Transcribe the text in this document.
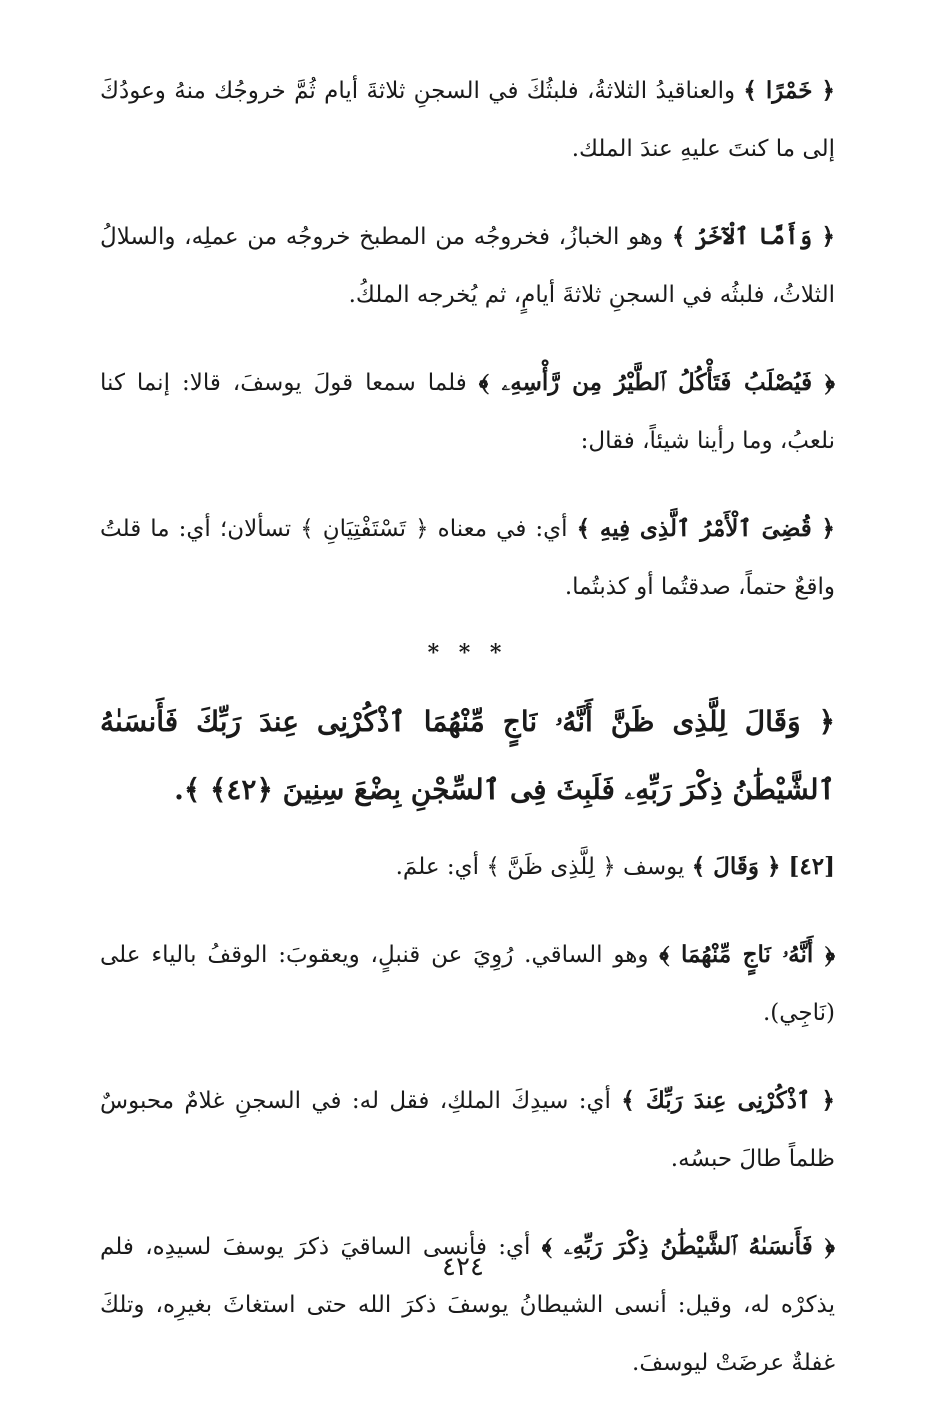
﴿ خَمْرًا ﴾ والعناقيدُ الثلاثةُ، فلبثُكَ في السجنِ ثلاثةَ أيام ثُمَّ خروجُك منهُ وعودُكَ إلى ما كنتَ عليهِ عندَ الملك.

﴿ وَأَمَّا ٱلْآخَرُ ﴾ وهو الخبازُ، فخروجُه من المطبخ خروجُه من عملِه، والسلالُ الثلاثُ، فلبثُه في السجنِ ثلاثةَ أيامٍ، ثم يُخرجه الملكُ.

﴿ فَيُصْلَبُ فَتَأْكُلُ ٱلطَّيْرُ مِن رَّأْسِهِۦ ﴾ فلما سمعا قولَ يوسفَ، قالا: إنما كنا نلعبُ، وما رأينا شيئاً، فقال:

﴿ قُضِىَ ٱلْأَمْرُ ٱلَّذِى فِيهِ ﴾ أي: في معناه ﴿ تَسْتَفْتِيَانِ ﴾ تسألان؛ أي: ما قلتُ واقعٌ حتماً، صدقتُما أو كذبتُما.

* * *

﴿ وَقَالَ لِلَّذِى ظَنَّ أَنَّهُۥ نَاجٍ مِّنْهُمَا ٱذْكُرْنِى عِندَ رَبِّكَ فَأَنسَىٰهُ ٱلشَّيْطَٰنُ ذِكْرَ رَبِّهِۦ فَلَبِثَ فِى ٱلسِّجْنِ بِضْعَ سِنِينَ ﴿٤٢﴾ ﴾.

[٤٢] ﴿ وَقَالَ ﴾ يوسف ﴿ لِلَّذِى ظَنَّ ﴾ أي: علمَ.

﴿ أَنَّهُۥ نَاجٍ مِّنْهُمَا ﴾ وهو الساقي. رُوِيَ عن قنبلٍ، ويعقوبَ: الوقفُ بالياء على (نَاجِي).

﴿ ٱذْكُرْنِى عِندَ رَبِّكَ ﴾ أي: سيدِكَ الملكِ، فقل له: في السجنِ غلامٌ محبوسٌ ظلماً طالَ حبسُه.

﴿ فَأَنسَىٰهُ ٱلشَّيْطَٰنُ ذِكْرَ رَبِّهِۦ ﴾ أي: فأنسى الساقيَ ذكرَ يوسفَ لسيدِه، فلم يذكرْه له، وقيل: أنسى الشيطانُ يوسفَ ذكرَ الله حتى استغاثَ بغيرِه، وتلكَ غفلةٌ عرضَتْ ليوسفَ.

٤٢٤
